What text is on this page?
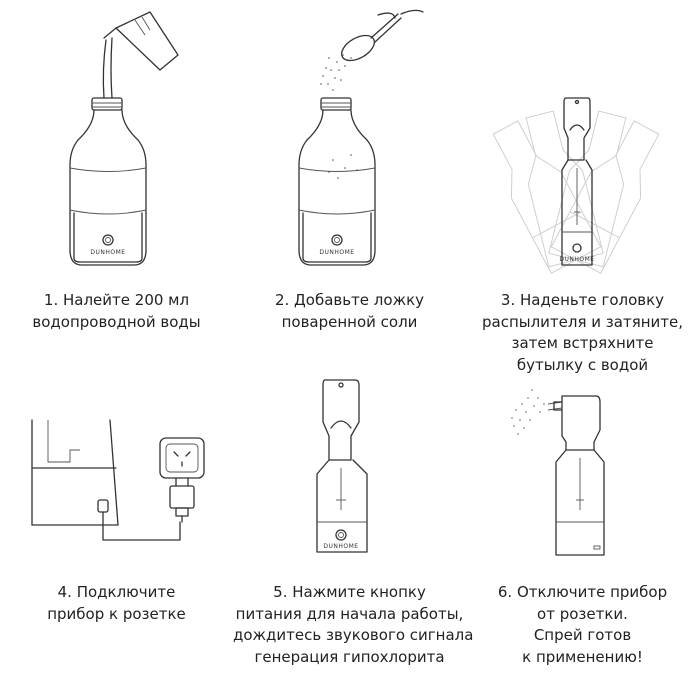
DUNHOME
1. Налейте 200 мл
водопроводной воды
DUNHOME
2. Добавьте ложку
поваренной соли
DUNHOME
3. Наденьте головку
распылителя и затяните,
затем встряхните
бутылку с водой
4. Подключите
прибор к розетке
DUNHOME
5. Нажмите кнопку
питания для начала работы,
дождитесь звукового сигнала
генерация гипохлорита
6. Отключите прибор
от розетки.
Спрей готов
к применению!
